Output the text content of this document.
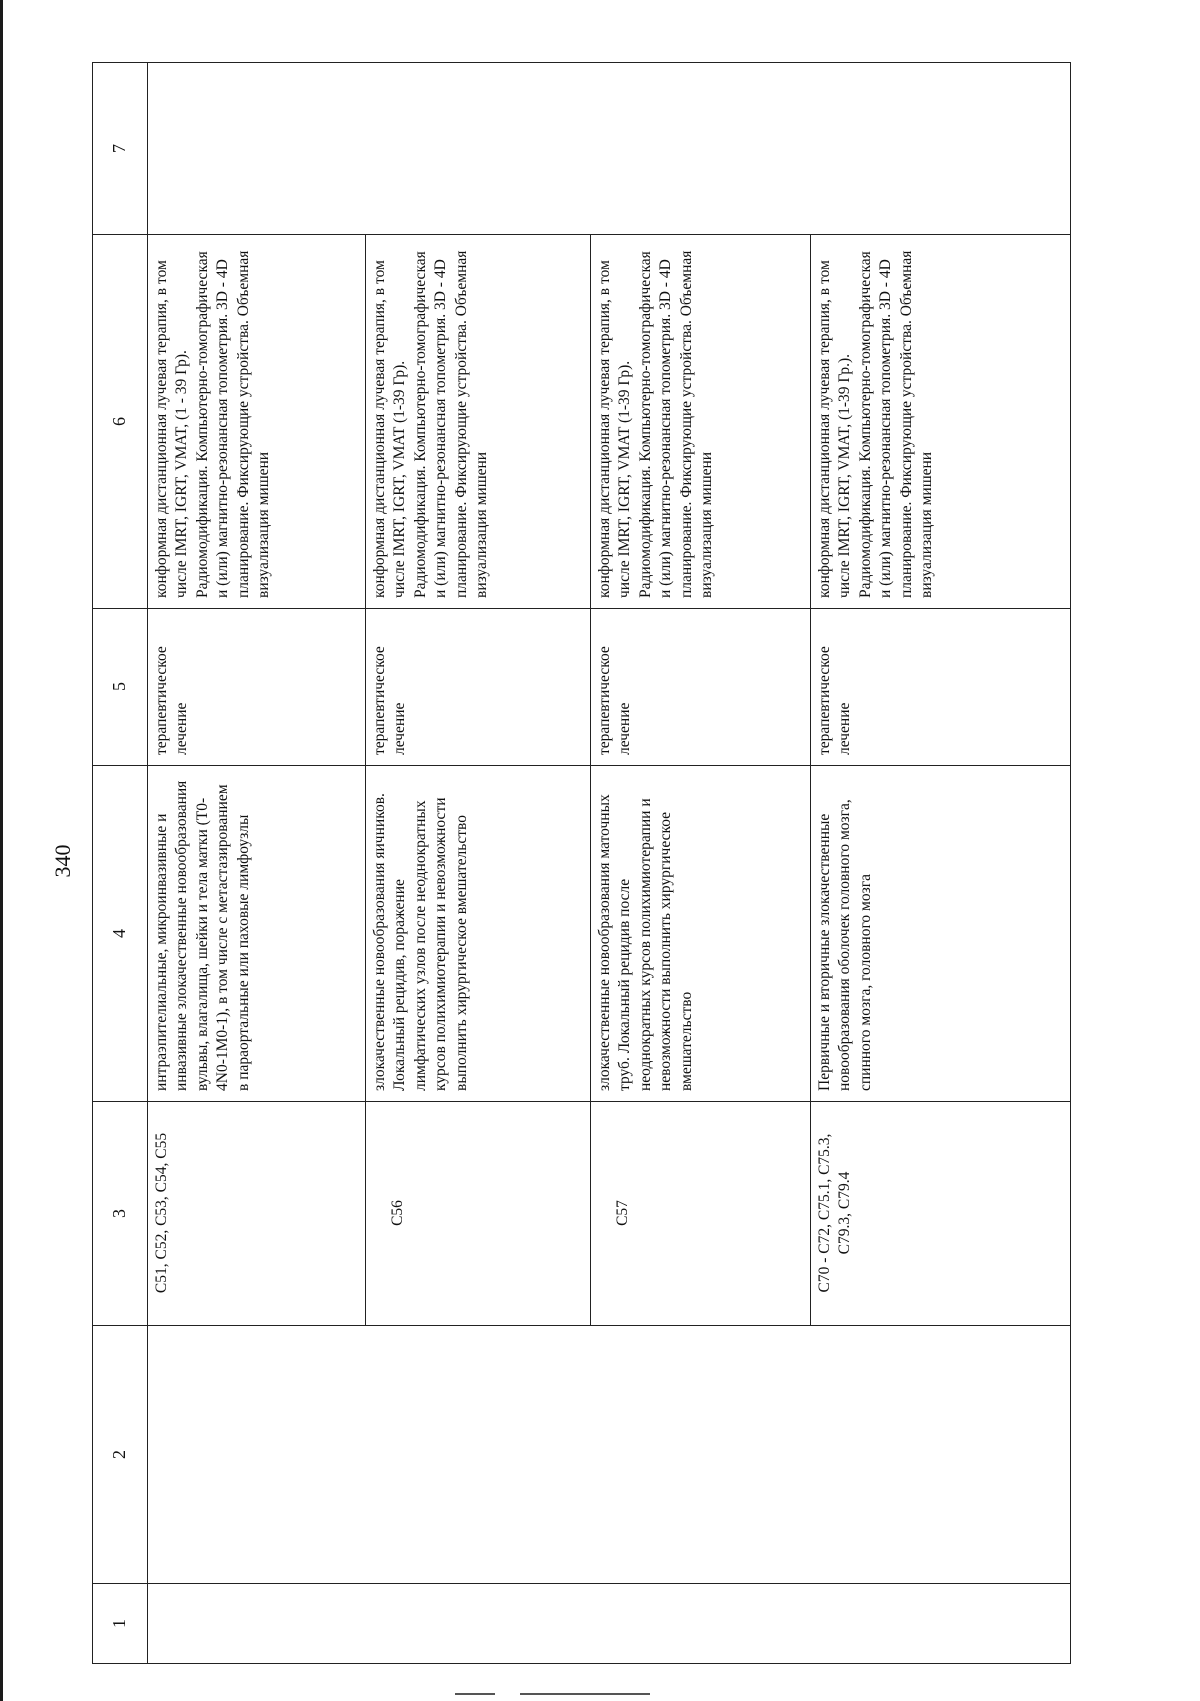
340
7
6
5
4
3
2
1
конформная дистанционная лучевая терапия, в том числе IMRT, IGRT, VMAT, (1 - 39 Гр). Радиомодификация. Компьютерно-томографическая и (или) магнитно-резонансная топометрия. 3D - 4D планирование. Фиксирующие устройства. Объемная визуализация мишени
терапевтическое лечение
интраэпителиальные, микроинвазивные и инвазивные злокачественные новообразования вульвы, влагалища, шейки и тела матки (T0-4N0-1M0-1), в том числе с метастазированием в параортальные или паховые лимфоузлы
C51, C52, C53, C54, C55
конформная дистанционная лучевая терапия, в том числе IMRT, IGRT, VMAT (1-39 Гр). Радиомодификация. Компьютерно-томографическая и (или) магнитно-резонансная топометрия. 3D - 4D планирование. Фиксирующие устройства. Объемная визуализация мишени
терапевтическое лечение
злокачественные новообразования яичников. Локальный рецидив, поражение лимфатических узлов после неоднократных курсов полихимиотерапии и невозможности выполнить хирургическое вмешательство
C56
конформная дистанционная лучевая терапия, в том числе IMRT, IGRT, VMAT (1-39 Гр). Радиомодификация. Компьютерно-томографическая и (или) магнитно-резонансная топометрия. 3D - 4D планирование. Фиксирующие устройства. Объемная визуализация мишени
терапевтическое лечение
злокачественные новообразования маточных труб. Локальный рецидив после неоднократных курсов полихимиотерапии и невозможности выполнить хирургическое вмешательство
C57
конформная дистанционная лучевая терапия, в том числе IMRT, IGRT, VMAT, (1-39 Гр.). Радиомодификация. Компьютерно-томографическая и (или) магнитно-резонансная топометрия. 3D - 4D планирование. Фиксирующие устройства. Объемная визуализация мишени
терапевтическое лечение
Первичные и вторичные злокачественные новообразования оболочек головного мозга, спинного мозга, головного мозга
C70 - C72, C75.1, C75.3, C79.3, C79.4
